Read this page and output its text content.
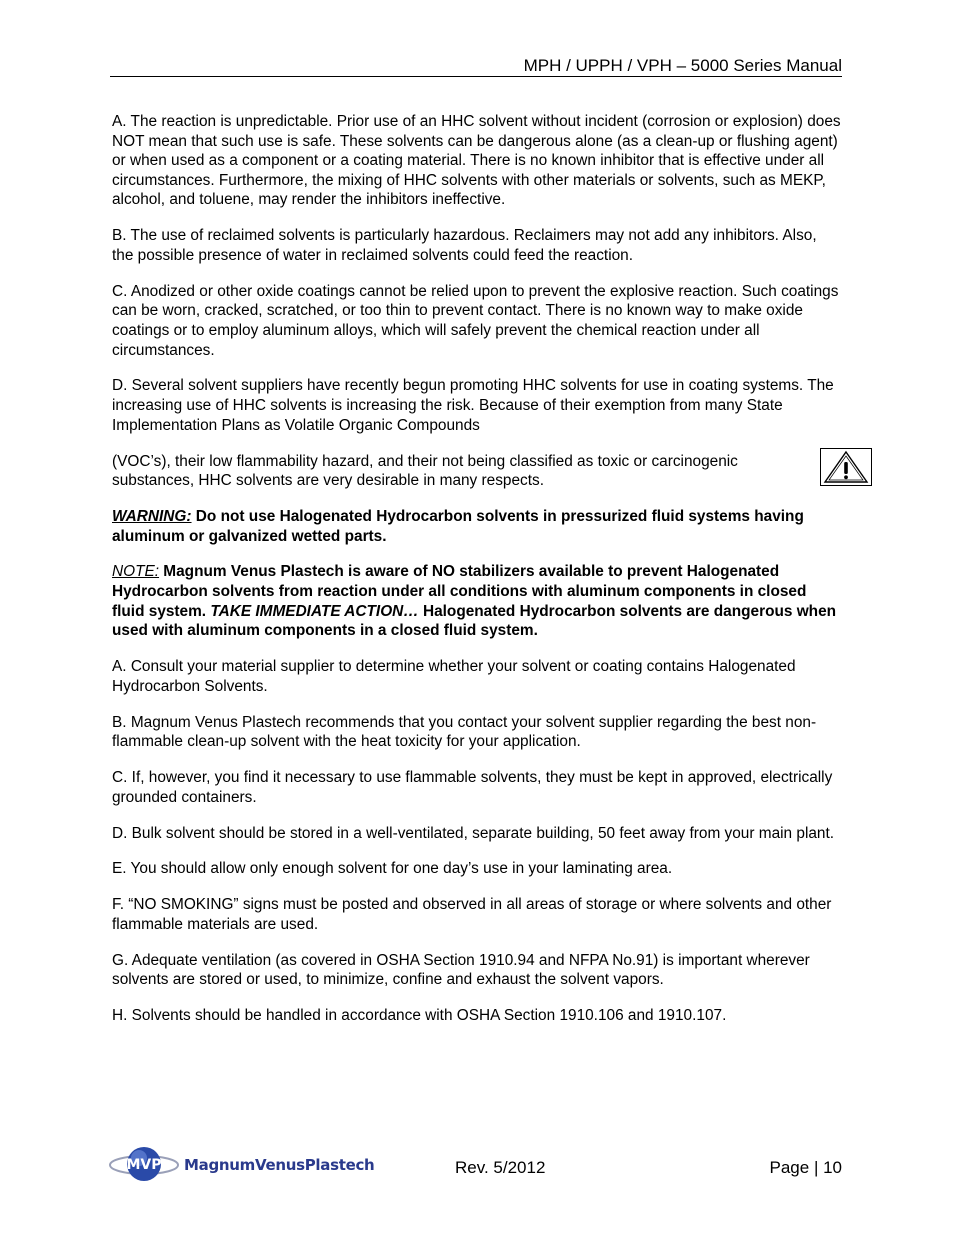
MPH / UPPH / VPH – 5000 Series Manual

A. The reaction is unpredictable. Prior use of an HHC solvent without incident (corrosion or explosion) does NOT mean that such use is safe. These solvents can be dangerous alone (as a clean-up or flushing agent) or when used as a component or a coating material. There is no known inhibitor that is effective under all circumstances. Furthermore, the mixing of HHC solvents with other materials or solvents, such as MEKP, alcohol, and toluene, may render the inhibitors ineffective.

B. The use of reclaimed solvents is particularly hazardous. Reclaimers may not add any inhibitors. Also, the possible presence of water in reclaimed solvents could feed the reaction.

C. Anodized or other oxide coatings cannot be relied upon to prevent the explosive reaction. Such coatings can be worn, cracked, scratched, or too thin to prevent contact. There is no known way to make oxide coatings or to employ aluminum alloys, which will safely prevent the chemical reaction under all circumstances.

D. Several solvent suppliers have recently begun promoting HHC solvents for use in coating systems. The increasing use of HHC solvents is increasing the risk. Because of their exemption from many State Implementation Plans as Volatile Organic Compounds

(VOC’s), their low flammability hazard, and their not being classified as toxic or carcinogenic substances, HHC solvents are very desirable in many respects.

WARNING: Do not use Halogenated Hydrocarbon solvents in pressurized fluid systems having aluminum or galvanized wetted parts.

NOTE: Magnum Venus Plastech is aware of NO stabilizers available to prevent Halogenated Hydrocarbon solvents from reaction under all conditions with aluminum components in closed fluid system. TAKE IMMEDIATE ACTION… Halogenated Hydrocarbon solvents are dangerous when used with aluminum components in a closed fluid system.

A. Consult your material supplier to determine whether your solvent or coating contains Halogenated Hydrocarbon Solvents.

B. Magnum Venus Plastech recommends that you contact your solvent supplier regarding the best non-flammable clean-up solvent with the heat toxicity for your application.

C. If, however, you find it necessary to use flammable solvents, they must be kept in approved, electrically grounded containers.

D. Bulk solvent should be stored in a well-ventilated, separate building, 50 feet away from your main plant.

E. You should allow only enough solvent for one day’s use in your laminating area.

F. “NO SMOKING” signs must be posted and observed in all areas of storage or where solvents and other flammable materials are used.

G. Adequate ventilation (as covered in OSHA Section 1910.94 and NFPA No.91) is important wherever solvents are stored or used, to minimize, confine and exhaust the solvent vapors.

H. Solvents should be handled in accordance with OSHA Section 1910.106 and 1910.107.

MVP MagnumVenusPlastech	Rev. 5/2012	Page | 10
